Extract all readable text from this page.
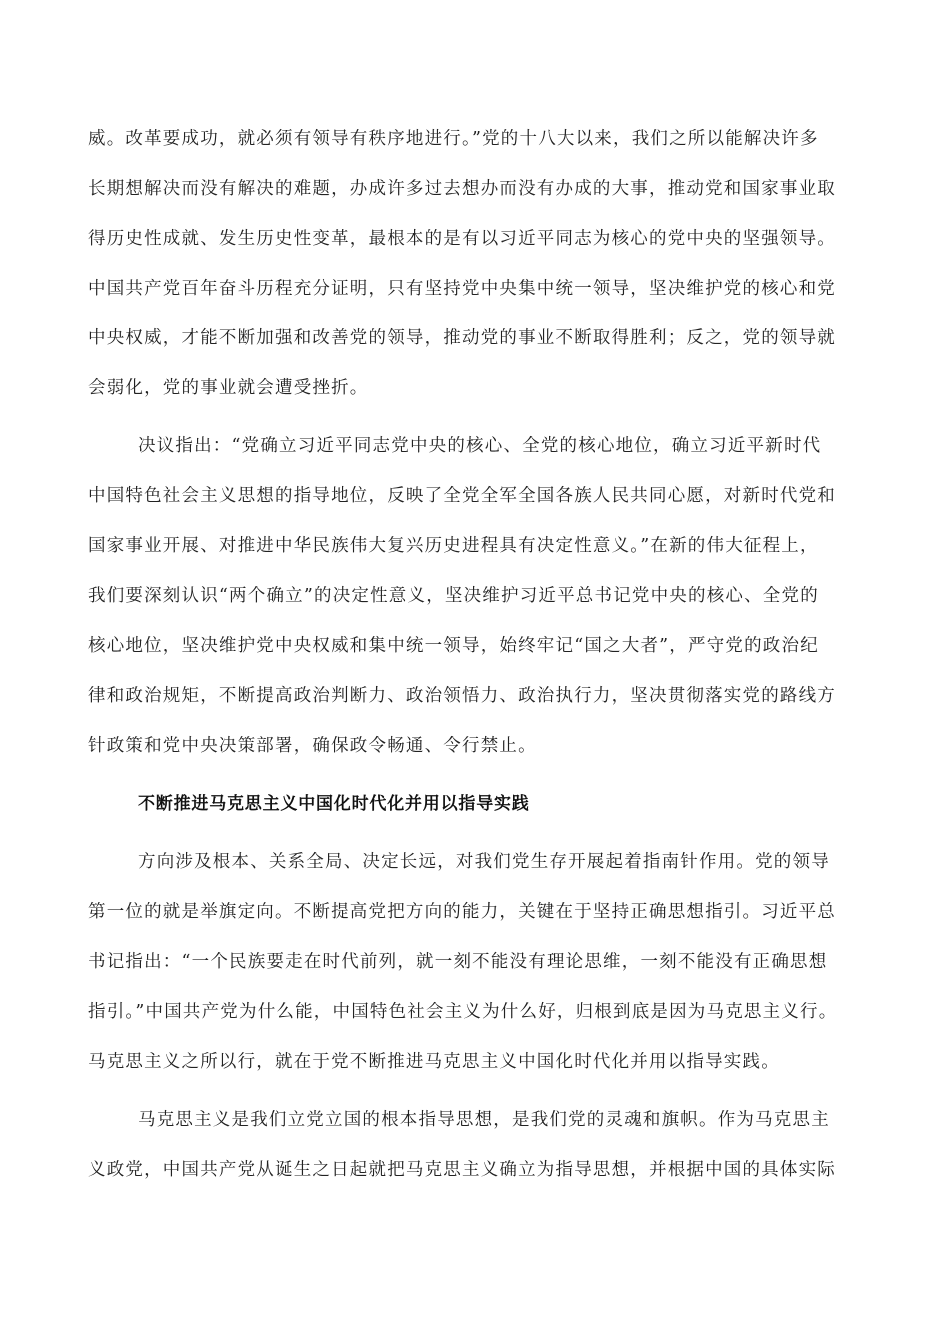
威。改革要成功，就必须有领导有秩序地进行。”党的十八大以来，我们之所以能解决许多

长期想解决而没有解决的难题，办成许多过去想办而没有办成的大事，推动党和国家事业取

得历史性成就、发生历史性变革，最根本的是有以习近平同志为核心的党中央的坚强领导。

中国共产党百年奋斗历程充分证明，只有坚持党中央集中统一领导，坚决维护党的核心和党

中央权威，才能不断加强和改善党的领导，推动党的事业不断取得胜利；反之，党的领导就

会弱化，党的事业就会遭受挫折。

决议指出：“党确立习近平同志党中央的核心、全党的核心地位，确立习近平新时代

中国特色社会主义思想的指导地位，反映了全党全军全国各族人民共同心愿，对新时代党和

国家事业开展、对推进中华民族伟大复兴历史进程具有决定性意义。”在新的伟大征程上，

我们要深刻认识“两个确立”的决定性意义，坚决维护习近平总书记党中央的核心、全党的

核心地位，坚决维护党中央权威和集中统一领导，始终牢记“国之大者”，严守党的政治纪

律和政治规矩，不断提高政治判断力、政治领悟力、政治执行力，坚决贯彻落实党的路线方

针政策和党中央决策部署，确保政令畅通、令行禁止。

不断推进马克思主义中国化时代化并用以指导实践

方向涉及根本、关系全局、决定长远，对我们党生存开展起着指南针作用。党的领导

第一位的就是举旗定向。不断提高党把方向的能力，关键在于坚持正确思想指引。习近平总

书记指出：“一个民族要走在时代前列，就一刻不能没有理论思维，一刻不能没有正确思想

指引。”中国共产党为什么能，中国特色社会主义为什么好，归根到底是因为马克思主义行。

马克思主义之所以行，就在于党不断推进马克思主义中国化时代化并用以指导实践。

马克思主义是我们立党立国的根本指导思想，是我们党的灵魂和旗帜。作为马克思主

义政党，中国共产党从诞生之日起就把马克思主义确立为指导思想，并根据中国的具体实际
